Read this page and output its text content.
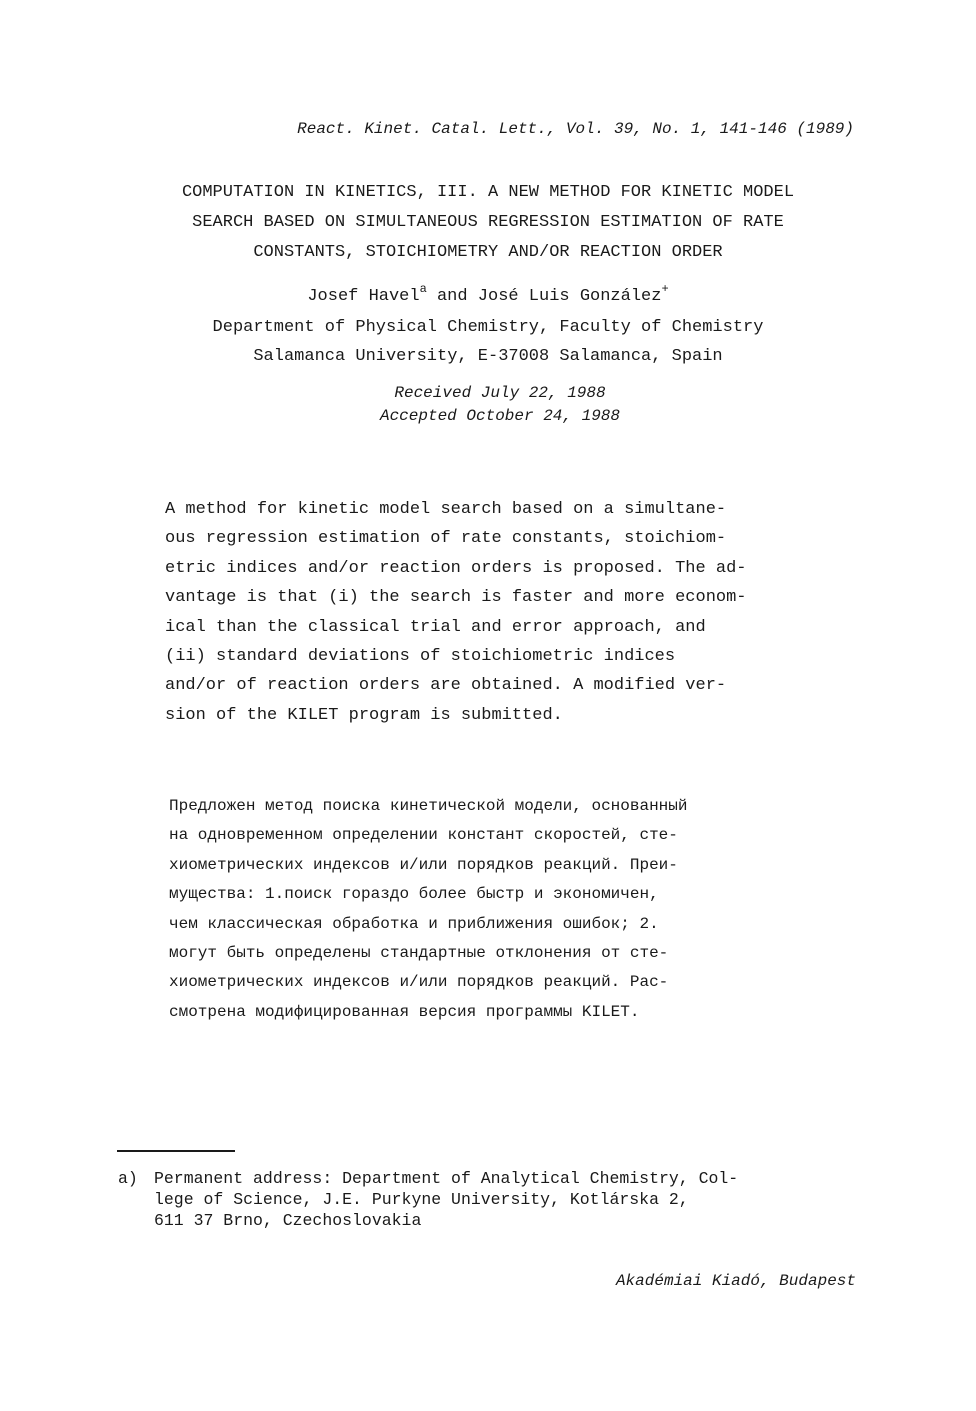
React. Kinet. Catal. Lett., Vol. 39, No. 1, 141-146 (1989)
COMPUTATION IN KINETICS, III. A NEW METHOD FOR KINETIC MODEL
SEARCH BASED ON SIMULTANEOUS REGRESSION ESTIMATION OF RATE
CONSTANTS, STOICHIOMETRY AND/OR REACTION ORDER
Josef Havel$^a$ and José Luis González+
Department of Physical Chemistry, Faculty of Chemistry
Salamanca University, E-37008 Salamanca, Spain
Received July 22, 1988
Accepted October 24, 1988
A method for kinetic model search based on a simultane-
ous regression estimation of rate constants, stoichiom-
etric indices and/or reaction orders is proposed. The ad-
vantage is that (i) the search is faster and more econom-
ical than the classical trial and error approach, and
(ii) standard deviations of stoichiometric indices
and/or of reaction orders are obtained. A modified ver-
sion of the KILET program is submitted.
Предложен метод поиска кинетической модели, основанный
на одновременном определении констант скоростей, сте-
хиометрических индексов и/или порядков реакций. Преи-
мущества: 1.поиск гораздо более быстр и экономичен,
чем классическая обработка и приближения ошибок; 2.
могут быть определены стандартные отклонения от сте-
хиометрических индексов и/или порядков реакций. Рас-
смотрена модифицированная версия программы KILET.
a) Permanent address: Department of Analytical Chemistry, Col-
lege of Science, J.E. Purkyne University, Kotlárska 2,
611 37 Brno, Czechoslovakia
Akadémiai Kiadó, Budapest
